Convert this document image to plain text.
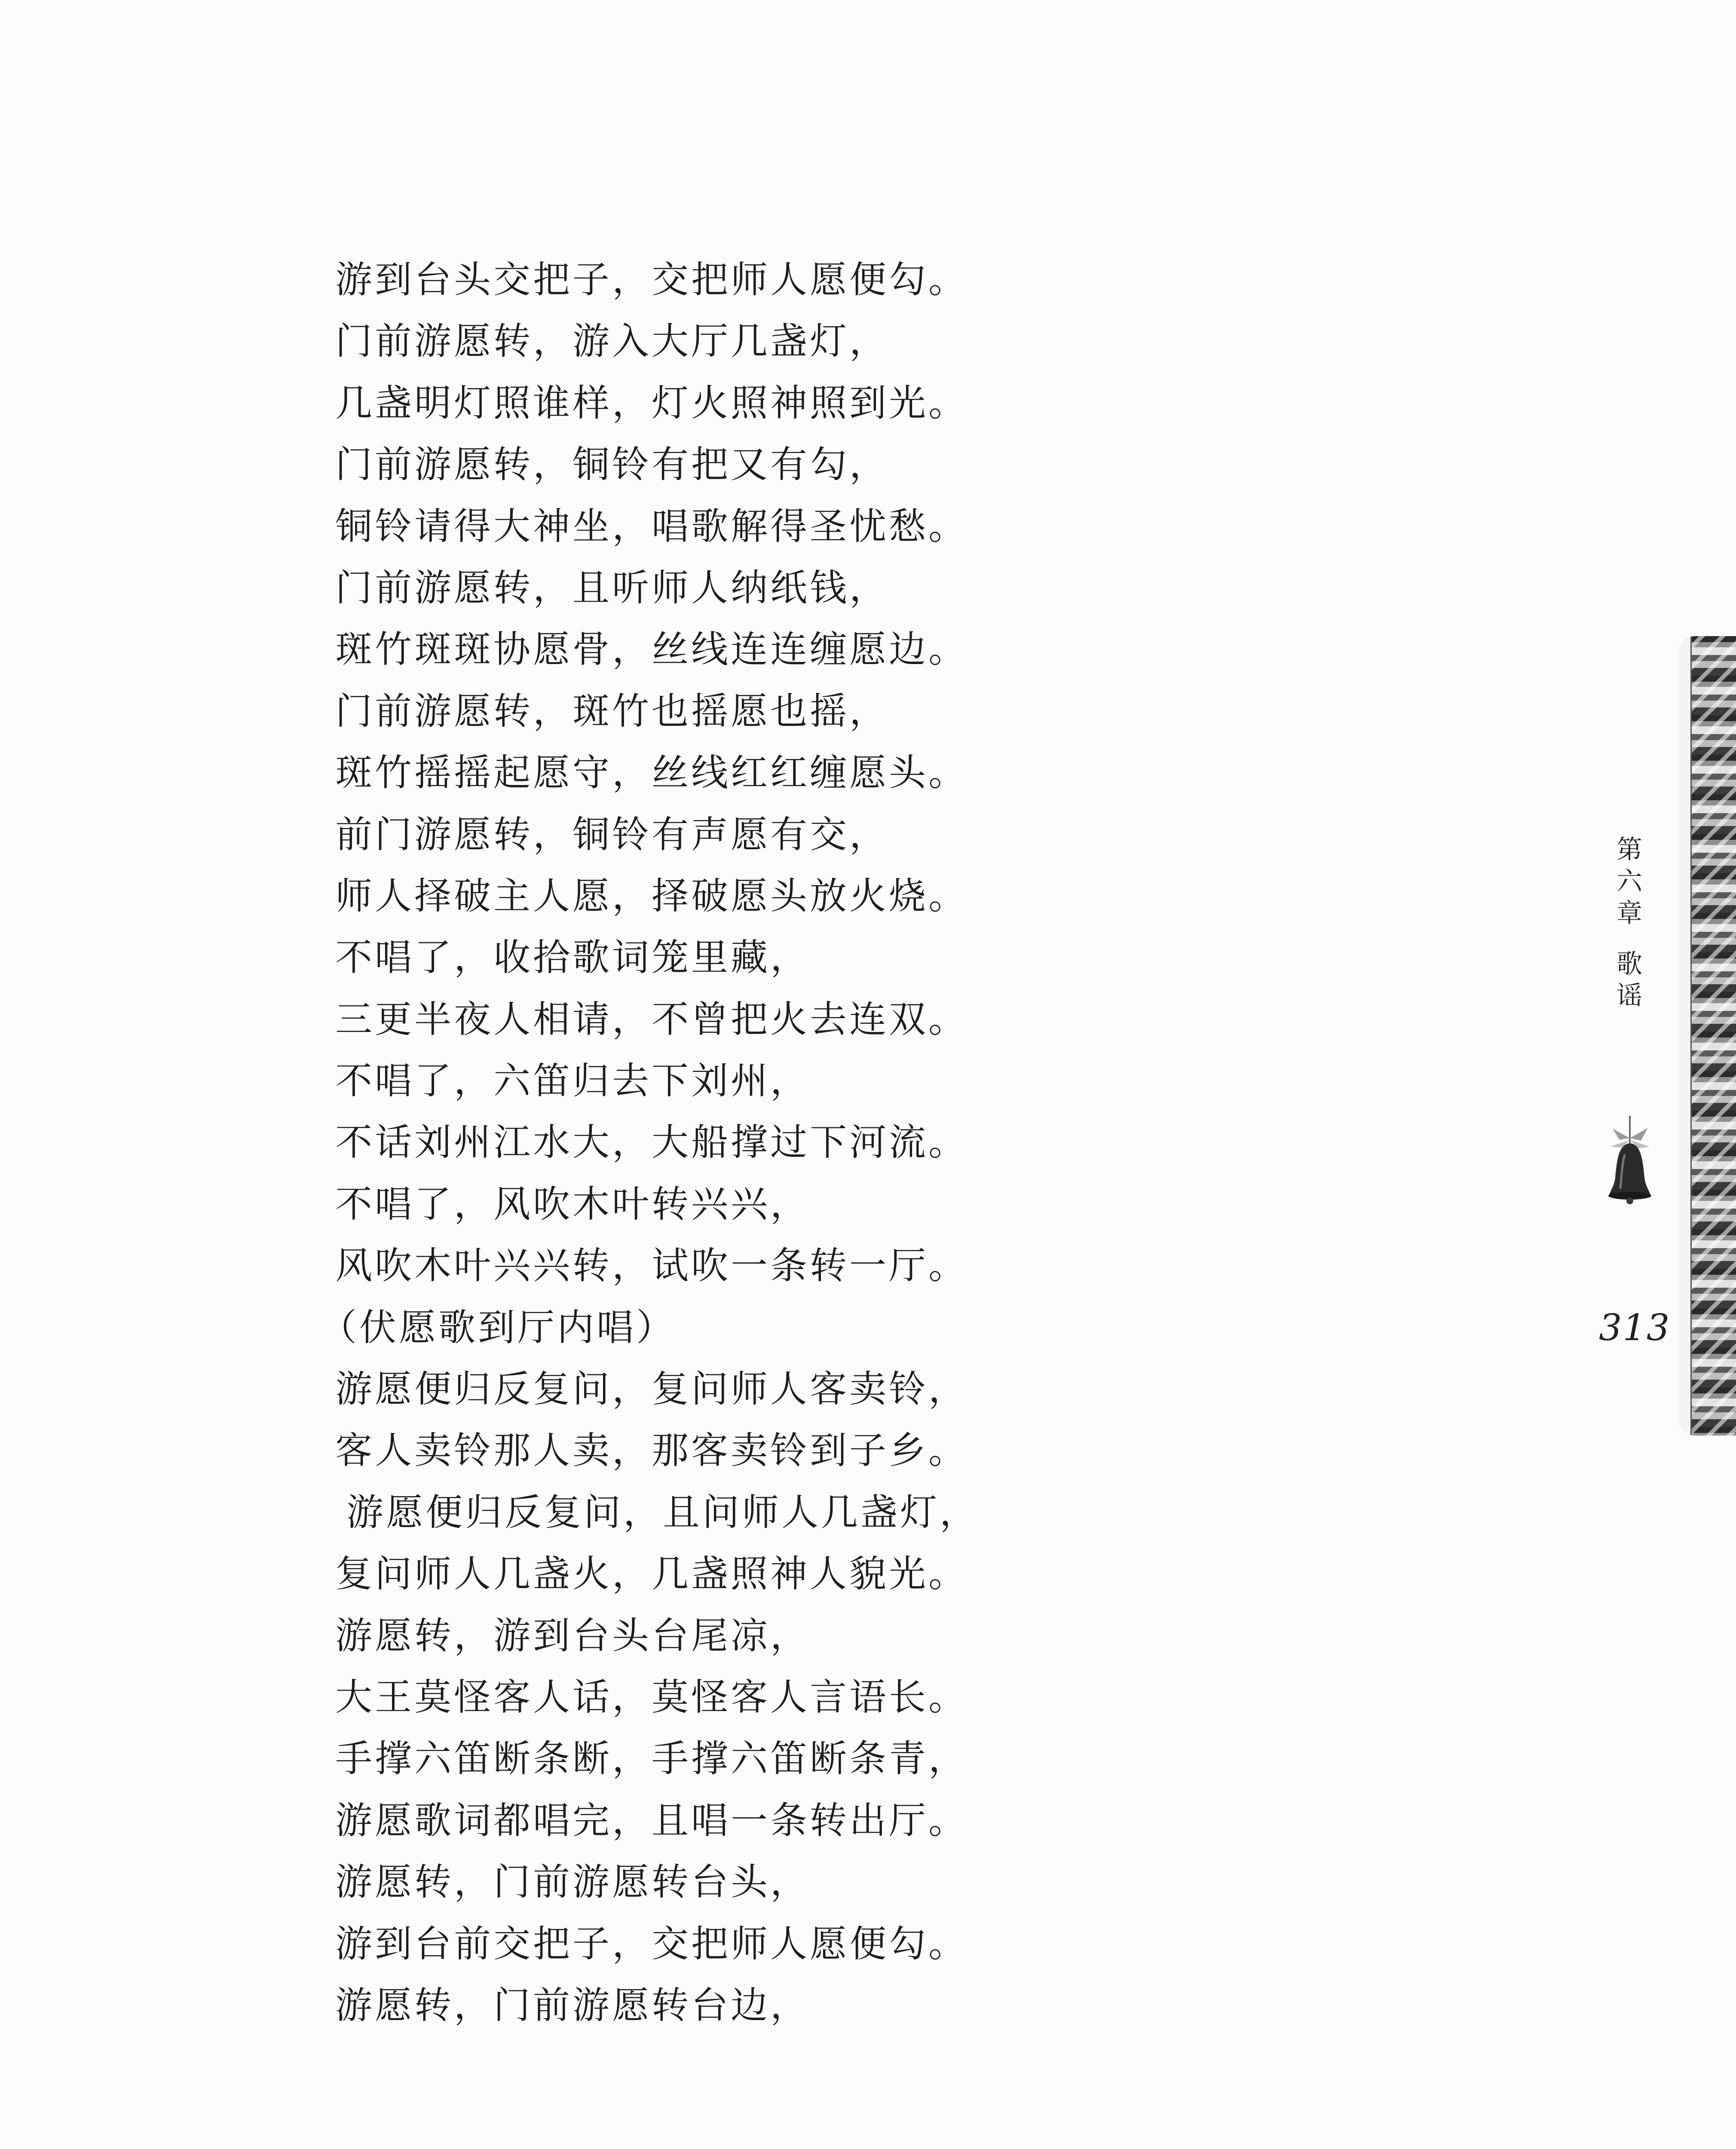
游到台头交把子，交把师人愿便勾。
门前游愿转，游入大厅几盏灯，
几盏明灯照谁样，灯火照神照到光。
门前游愿转，铜铃有把又有勾，
铜铃请得大神坐，唱歌解得圣忧愁。
门前游愿转，且听师人纳纸钱，
斑竹斑斑协愿骨，丝线连连缠愿边。
门前游愿转，斑竹也摇愿也摇，
斑竹摇摇起愿守，丝线红红缠愿头。
前门游愿转，铜铃有声愿有交，
师人择破主人愿，择破愿头放火烧。
不唱了，收拾歌词笼里藏，
三更半夜人相请，不曾把火去连双。
不唱了，六笛归去下刘州，
不话刘州江水大，大船撑过下河流。
不唱了，风吹木叶转兴兴，
风吹木叶兴兴转，试吹一条转一厅。
（伏愿歌到厅内唱）
游愿便归反复问，复问师人客卖铃，
客人卖铃那人卖，那客卖铃到子乡。
游愿便归反复问，且问师人几盏灯，
复问师人几盏火，几盏照神人貌光。
游愿转，游到台头台尾凉，
大王莫怪客人话，莫怪客人言语长。
手撑六笛断条断，手撑六笛断条青，
游愿歌词都唱完，且唱一条转出厅。
游愿转，门前游愿转台头，
游到台前交把子，交把师人愿便勾。
游愿转，门前游愿转台边，
第
六
章
歌
谣
313
